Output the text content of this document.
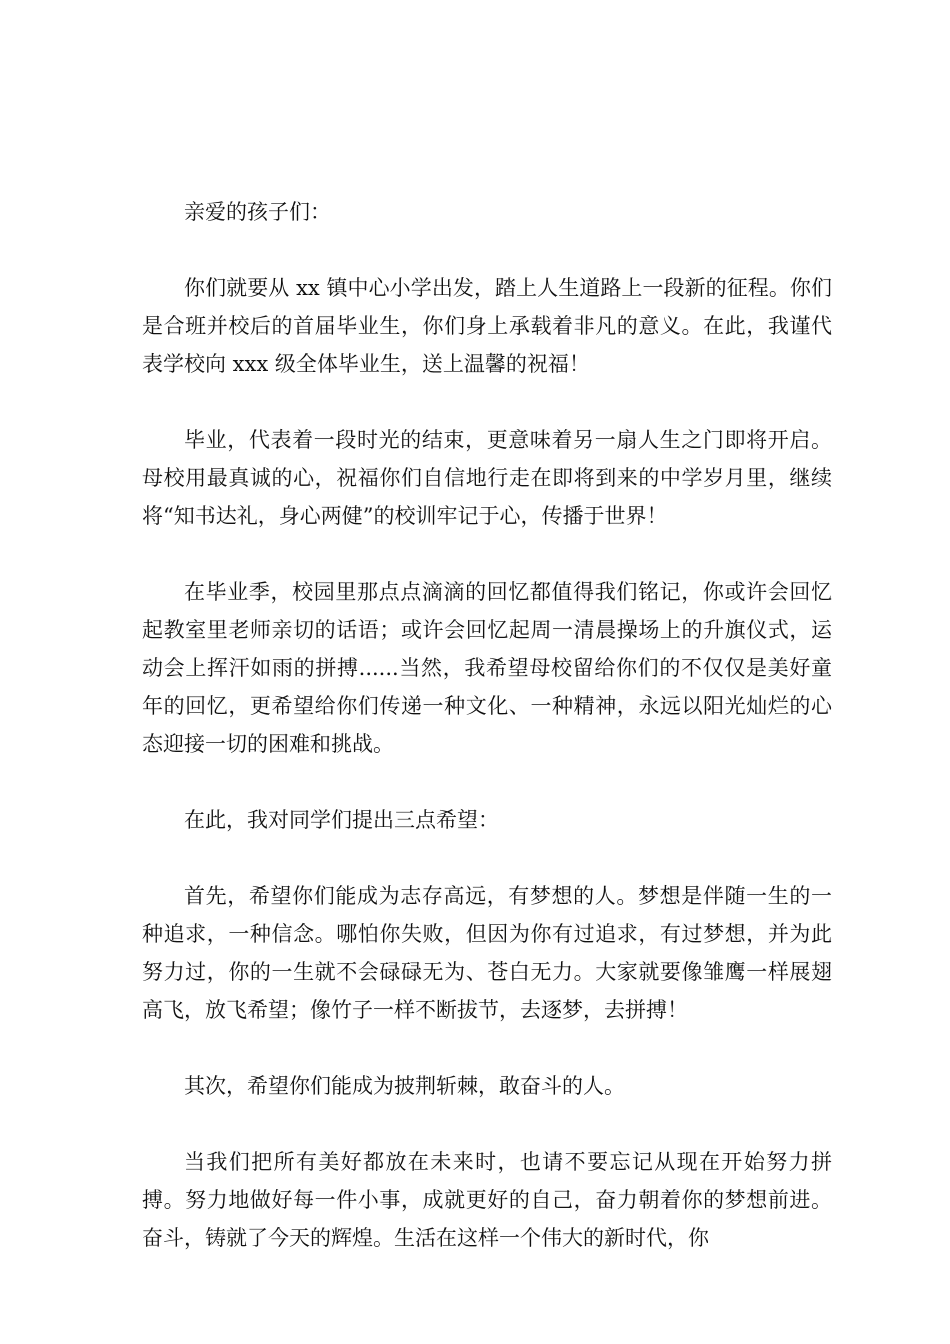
亲爱的孩子们：

你们就要从 xx 镇中心小学出发，踏上人生道路上一段新的征程。你们是合班并校后的首届毕业生，你们身上承载着非凡的意义。在此，我谨代表学校向 xxx 级全体毕业生，送上温馨的祝福！

毕业，代表着一段时光的结束，更意味着另一扇人生之门即将开启。母校用最真诚的心，祝福你们自信地行走在即将到来的中学岁月里，继续将“知书达礼，身心两健”的校训牢记于心，传播于世界！

在毕业季，校园里那点点滴滴的回忆都值得我们铭记，你或许会回忆起教室里老师亲切的话语；或许会回忆起周一清晨操场上的升旗仪式，运动会上挥汗如雨的拼搏......当然，我希望母校留给你们的不仅仅是美好童年的回忆，更希望给你们传递一种文化、一种精神，永远以阳光灿烂的心态迎接一切的困难和挑战。

在此，我对同学们提出三点希望：

首先，希望你们能成为志存高远，有梦想的人。梦想是伴随一生的一种追求，一种信念。哪怕你失败，但因为你有过追求，有过梦想，并为此努力过，你的一生就不会碌碌无为、苍白无力。大家就要像雏鹰一样展翅高飞，放飞希望；像竹子一样不断拔节，去逐梦，去拼搏！

其次，希望你们能成为披荆斩棘，敢奋斗的人。

当我们把所有美好都放在未来时，也请不要忘记从现在开始努力拼搏。努力地做好每一件小事，成就更好的自己，奋力朝着你的梦想前进。奋斗，铸就了今天的辉煌。生活在这样一个伟大的新时代，你
